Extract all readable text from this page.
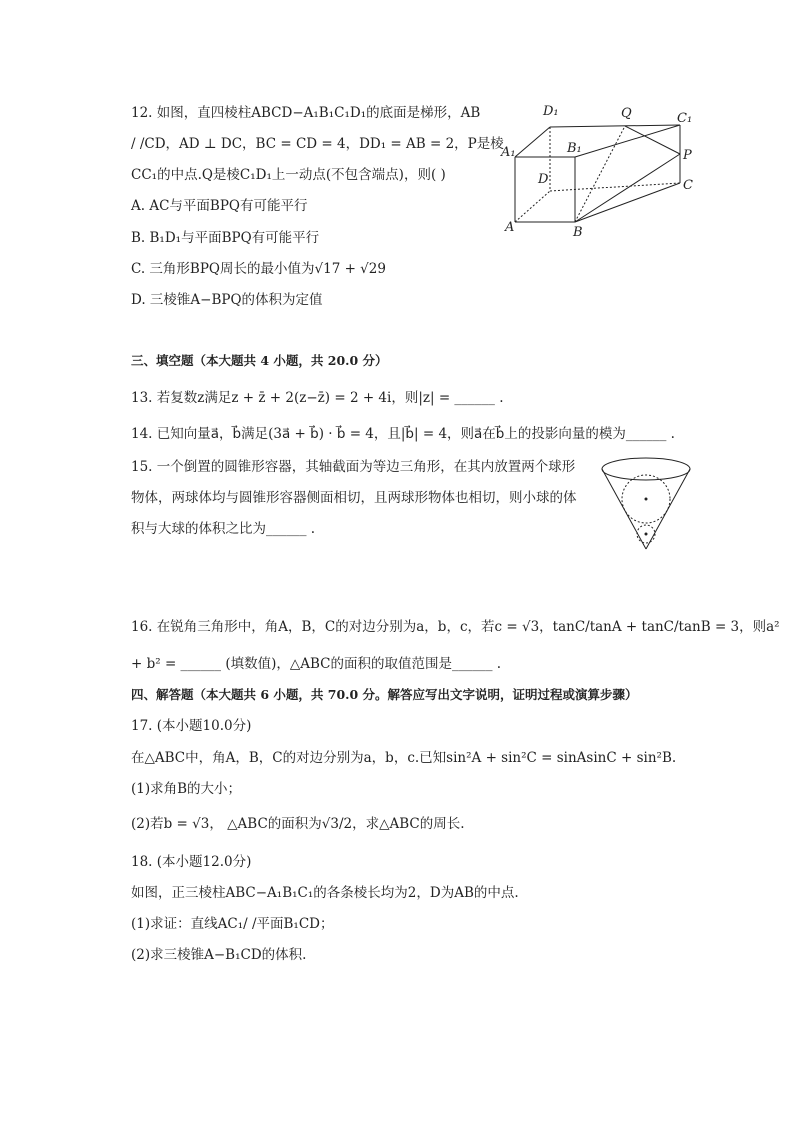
12. 如图，直四棱柱ABCD−A₁B₁C₁D₁的底面是梯形，AB
/ /CD，AD ⊥ DC，BC = CD = 4，DD₁ = AB = 2，P是棱
CC₁的中点.Q是棱C₁D₁上一动点(不包含端点)，则( )
A. AC与平面BPQ有可能平行
B. B₁D₁与平面BPQ有可能平行
C. 三角形BPQ周长的最小值为√17 + √29
D. 三棱锥A−BPQ的体积为定值
D₁	Q	C₁
A₁	B₁	P
D	C
A	B
三、填空题（本大题共 4 小题，共 20.0 分）
13. 若复数z满足z + z̄ + 2(z−z̄) = 2 + 4i，则|z| = ______ .
14. 已知向量a⃗，b⃗满足(3a⃗ + b⃗) · b⃗ = 4，且|b⃗| = 4，则a⃗在b⃗上的投影向量的模为______ .
15. 一个倒置的圆锥形容器，其轴截面为等边三角形，在其内放置两个球形
物体，两球体均与圆锥形容器侧面相切，且两球形物体也相切，则小球的体
积与大球的体积之比为______ .
16. 在锐角三角形中，角A，B，C的对边分别为a，b，c，若c = √3，tanC/tanA + tanC/tanB = 3，则a²
+ b² = ______ (填数值)，△ABC的面积的取值范围是______ .
四、解答题（本大题共 6 小题，共 70.0 分。解答应写出文字说明，证明过程或演算步骤）
17. (本小题10.0分)
在△ABC中，角A，B，C的对边分别为a，b，c.已知sin²A + sin²C = sinAsinC + sin²B.
(1)求角B的大小；
(2)若b = √3， △ABC的面积为√3/2，求△ABC的周长.
18. (本小题12.0分)
如图，正三棱柱ABC−A₁B₁C₁的各条棱长均为2，D为AB的中点.
(1)求证：直线AC₁/ /平面B₁CD；
(2)求三棱锥A−B₁CD的体积.
